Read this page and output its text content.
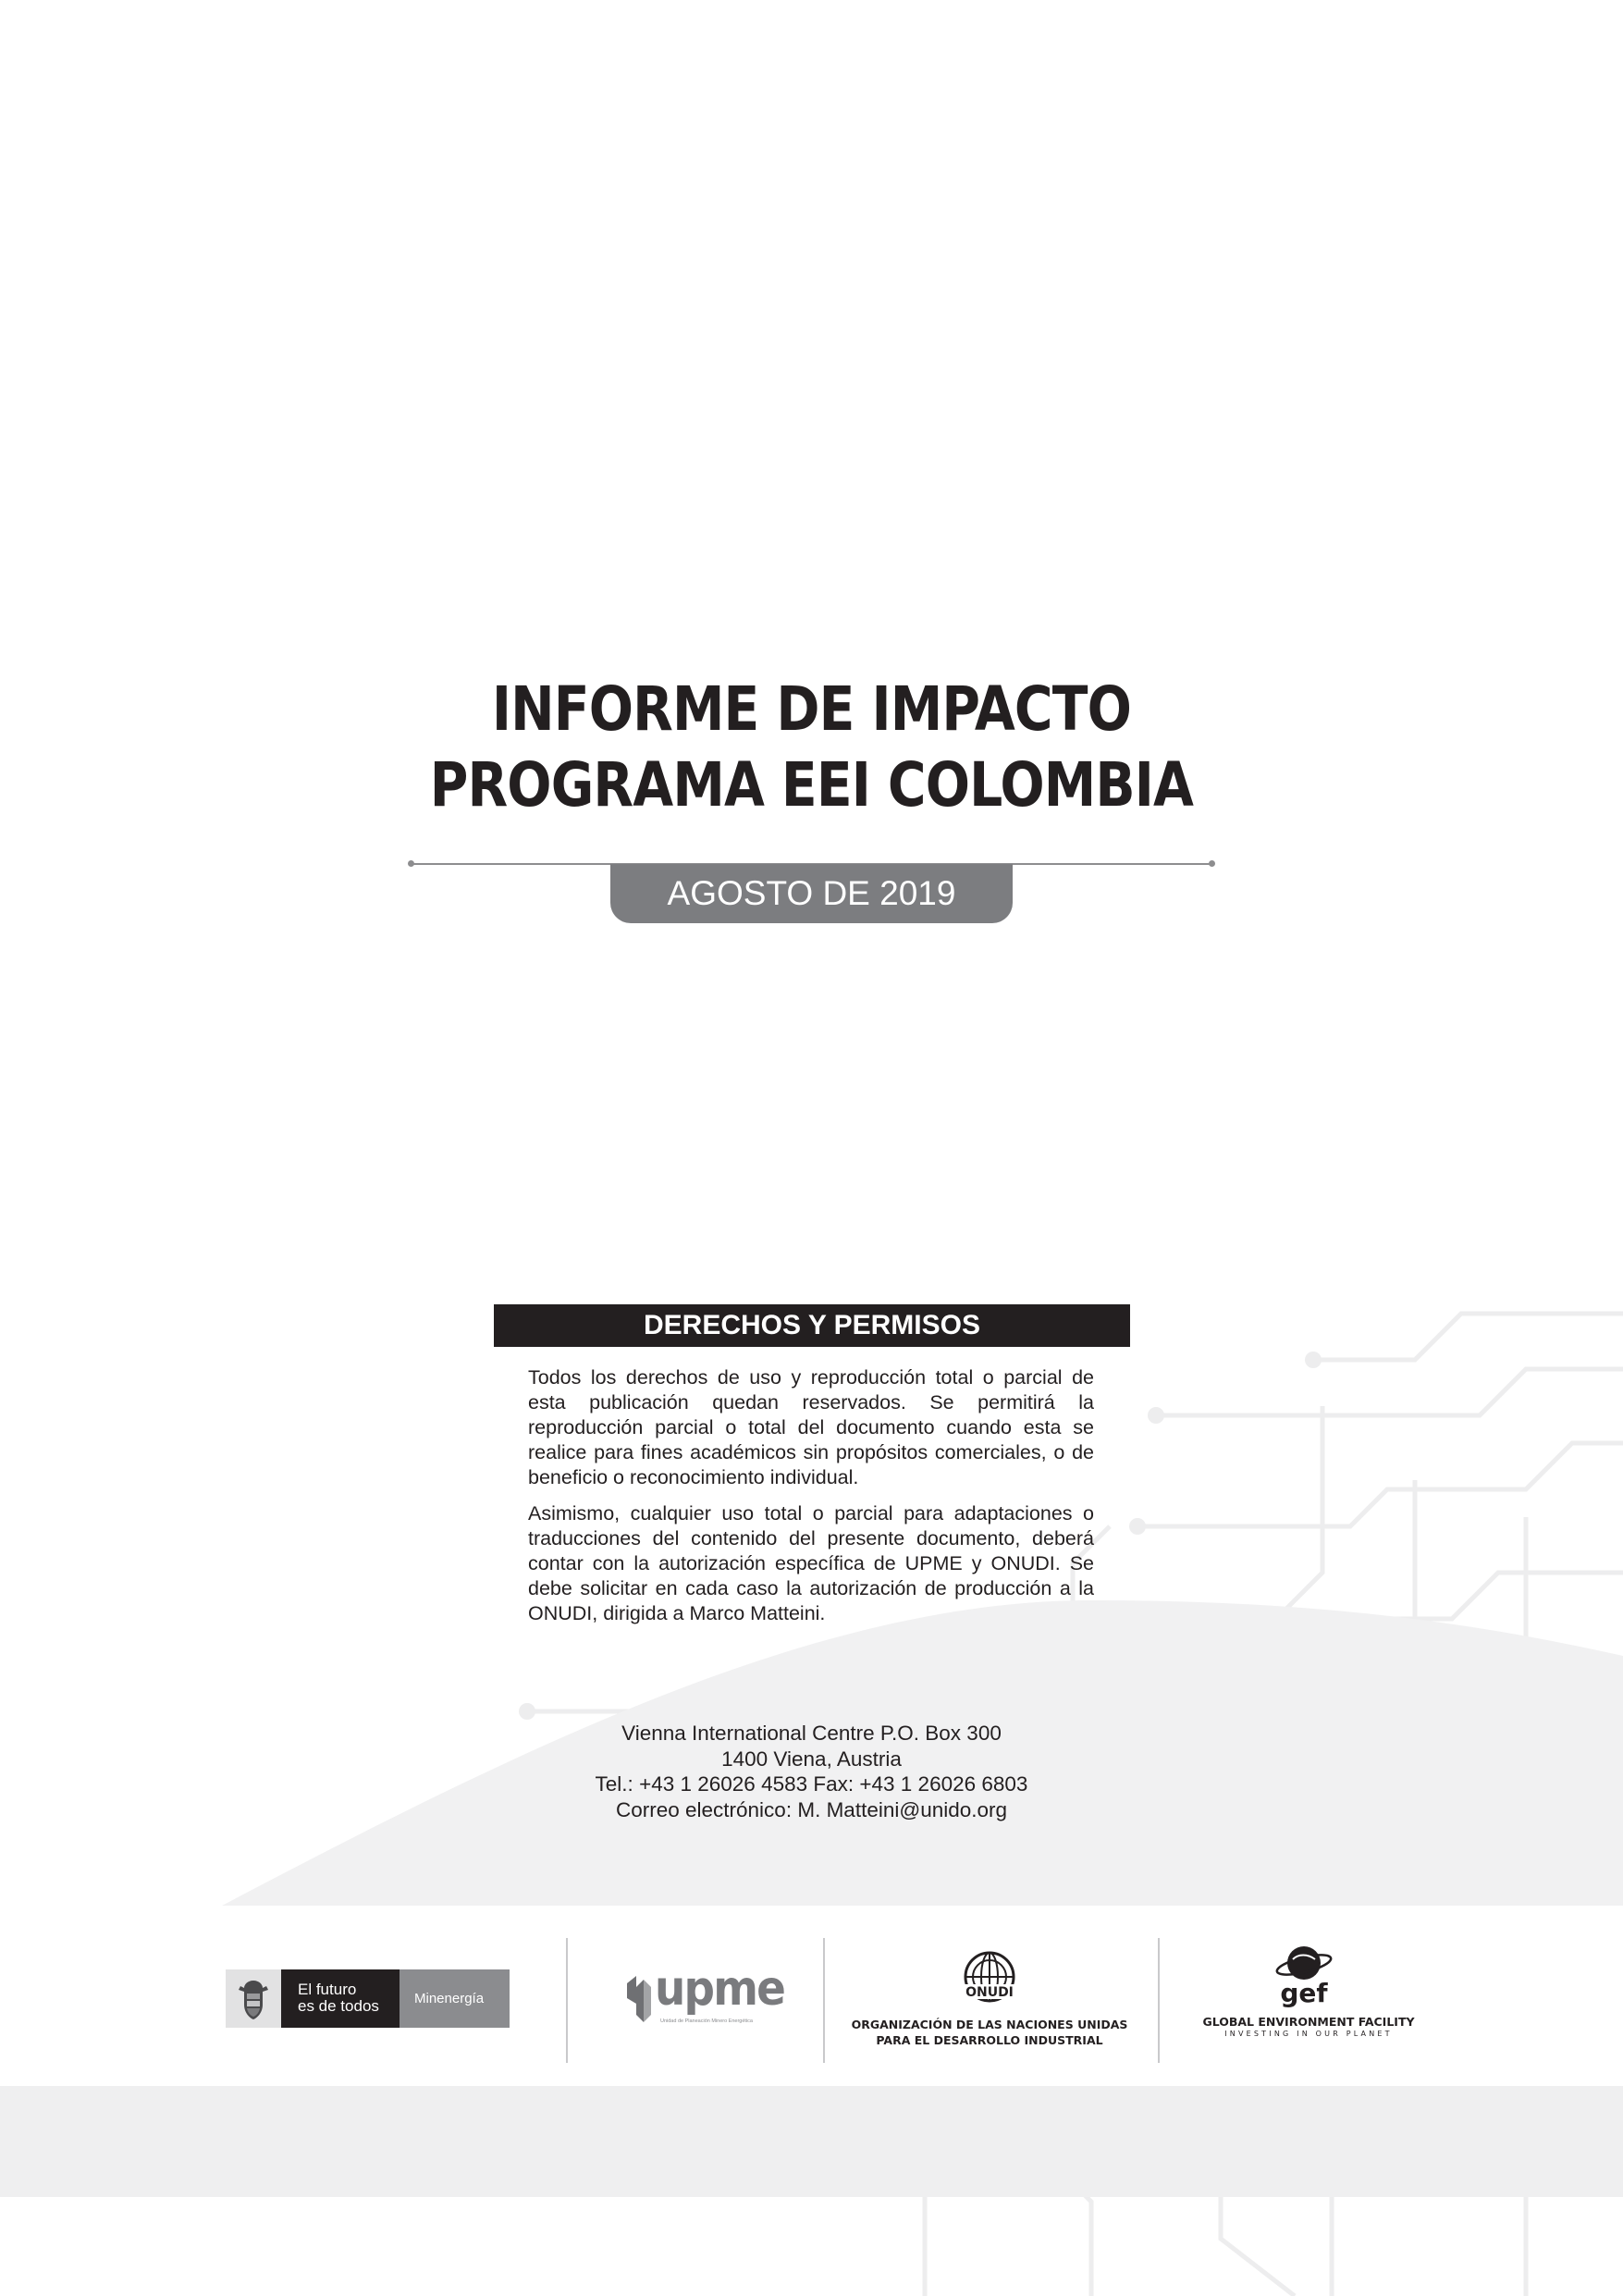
INFORME DE IMPACTO
PROGRAMA EEI COLOMBIA
AGOSTO DE 2019
DERECHOS Y PERMISOS

Todos los derechos de uso y reproducción total o parcial de esta publicación quedan reservados. Se permitirá la reproducción parcial o total del documento cuando esta se realice para fines académicos sin propósitos comerciales, o de beneficio o reconocimiento individual.

Asimismo, cualquier uso total o parcial para adaptaciones o traducciones del contenido del presente documento, deberá contar con la autorización específica de UPME y ONUDI. Se debe solicitar en cada caso la autorización de producción a la ONUDI, dirigida a Marco Matteini.

Vienna International Centre P.O. Box 300
1400 Viena, Austria
Tel.: +43 1 26026 4583 Fax: +43 1 26026 6803
Correo electrónico: M. Matteini@unido.org
El futuro
es de todos	Minenergía	upme
Unidad de Planeación Minero Energética
ONUDI
ORGANIZACIÓN DE LAS NACIONES UNIDAS
PARA EL DESARROLLO INDUSTRIAL
gef
GLOBAL ENVIRONMENT FACILITY
INVESTING IN OUR PLANET
